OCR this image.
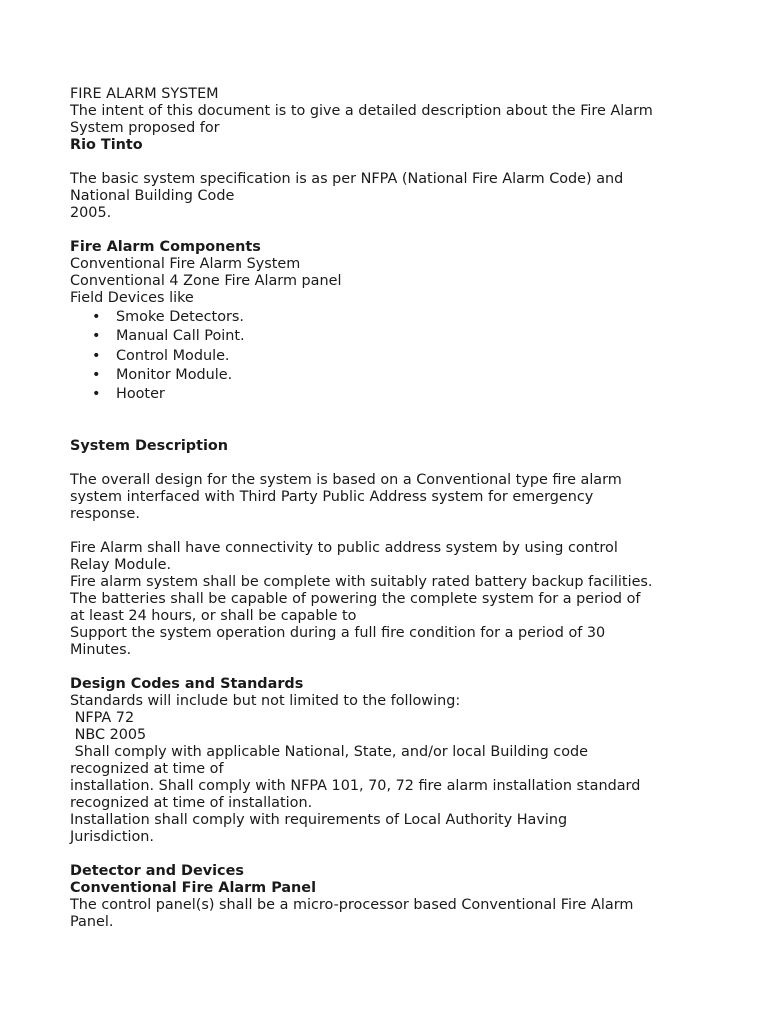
FIRE ALARM SYSTEM
The intent of this document is to give a detailed description about the Fire Alarm
System proposed for
Rio Tinto
The basic system specification is as per NFPA (National Fire Alarm Code) and
National Building Code
2005.
Fire Alarm Components
Conventional Fire Alarm System
Conventional 4 Zone Fire Alarm panel
Field Devices like
• Smoke Detectors.
• Manual Call Point.
• Control Module.
• Monitor Module.
• Hooter
System Description
The overall design for the system is based on a Conventional type fire alarm
system interfaced with Third Party Public Address system for emergency
response.
Fire Alarm shall have connectivity to public address system by using control
Relay Module.
Fire alarm system shall be complete with suitably rated battery backup facilities.
The batteries shall be capable of powering the complete system for a period of
at least 24 hours, or shall be capable to
Support the system operation during a full fire condition for a period of 30
Minutes.
Design Codes and Standards
Standards will include but not limited to the following:
NFPA 72
NBC 2005
Shall comply with applicable National, State, and/or local Building code
recognized at time of
installation. Shall comply with NFPA 101, 70, 72 fire alarm installation standard
recognized at time of installation.
Installation shall comply with requirements of Local Authority Having
Jurisdiction.
Detector and Devices
Conventional Fire Alarm Panel
The control panel(s) shall be a micro-processor based Conventional Fire Alarm
Panel.
